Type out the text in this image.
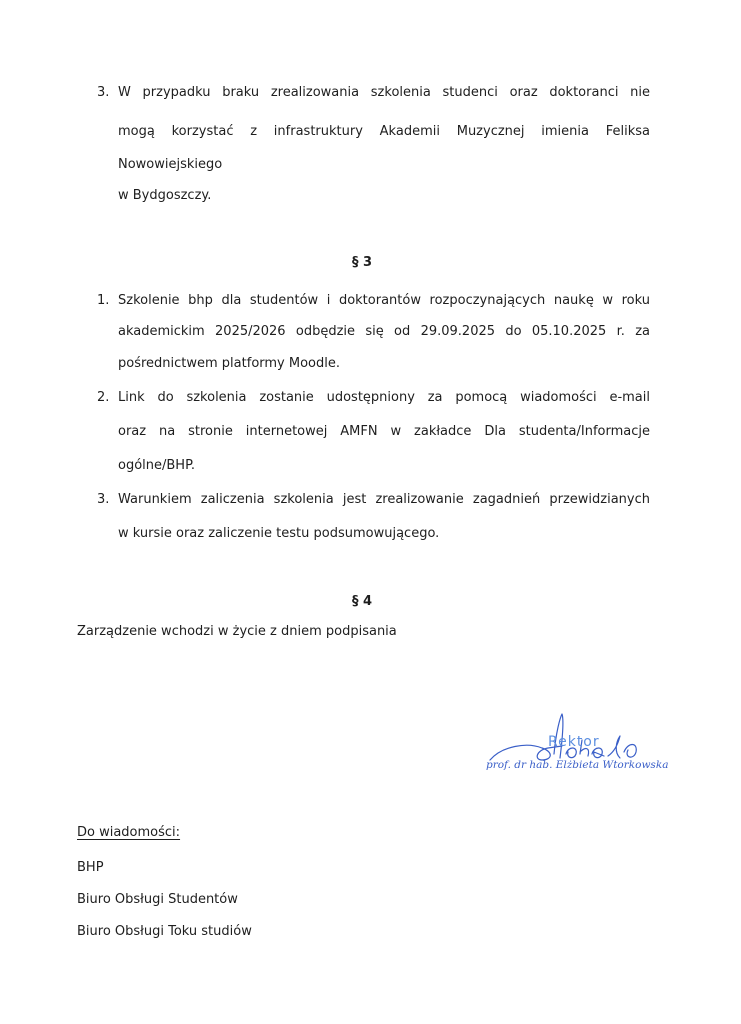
3. W przypadku braku zrealizowania szkolenia studenci oraz doktoranci nie
mogą korzystać z infrastruktury Akademii Muzycznej imienia Feliksa
Nowowiejskiego
w Bydgoszczy.
§ 3
1. Szkolenie bhp dla studentów i doktorantów rozpoczynających naukę w roku
akademickim 2025/2026 odbędzie się od 29.09.2025 do 05.10.2025 r. za
pośrednictwem platformy Moodle.
2. Link do szkolenia zostanie udostępniony za pomocą wiadomości e-mail
oraz na stronie internetowej AMFN w zakładce Dla studenta/Informacje
ogólne/BHP.
3. Warunkiem zaliczenia szkolenia jest zrealizowanie zagadnień przewidzianych
w kursie oraz zaliczenie testu podsumowującego.
§ 4
Zarządzenie wchodzi w życie z dniem podpisania
Rektor
prof. dr hab. Elżbieta Wtorkowska
Do wiadomości:
BHP
Biuro Obsługi Studentów
Biuro Obsługi Toku studiów
